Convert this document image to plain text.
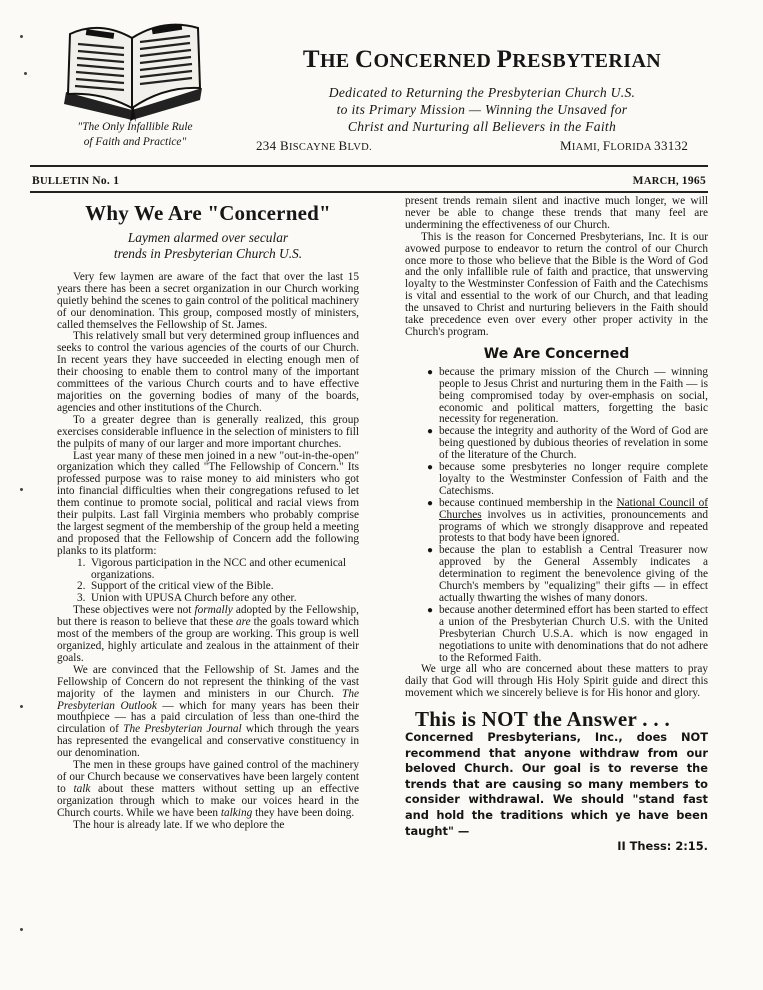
"The Only Infallible Rule
of Faith and Practice"
THE CONCERNED PRESBYTERIAN
Dedicated to Returning the Presbyterian Church U.S.
to its Primary Mission — Winning the Unsaved for
Christ and Nurturing all Believers in the Faith
234 BISCAYNE BLVD.	MIAMI, FLORIDA 33132
BULLETIN No. 1	MARCH, 1965
Why We Are "Concerned"
Laymen alarmed over secular
trends in Presbyterian Church U.S.

Very few laymen are aware of the fact that over the last 15 years there has been a secret organization in our Church working quietly behind the scenes to gain control of the political machinery of our denomination. This group, composed mostly of ministers, called themselves the Fellowship of St. James.

This relatively small but very determined group influences and seeks to control the various agencies of the courts of our Church. In recent years they have succeeded in electing enough men of their choosing to enable them to control many of the important committees of the various Church courts and to have effective majorities on the governing bodies of many of the boards, agencies and other institutions of the Church.

To a greater degree than is generally realized, this group exercises considerable influence in the selection of ministers to fill the pulpits of many of our larger and more important churches.

Last year many of these men joined in a new "out-in-the-open" organization which they called "The Fellowship of Concern." Its professed purpose was to raise money to aid ministers who got into financial difficulties when their congregations refused to let them continue to promote social, political and racial views from their pulpits. Last fall Virginia members who probably comprise the largest segment of the membership of the group held a meeting and proposed that the Fellowship of Concern add the following planks to its platform:

1. Vigorous participation in the NCC and other ecumenical organizations.
2. Support of the critical view of the Bible.
3. Union with UPUSA Church before any other.

These objectives were not formally adopted by the Fellowship, but there is reason to believe that these are the goals toward which most of the members of the group are working. This group is well organized, highly articulate and zealous in the attainment of their goals.

We are convinced that the Fellowship of St. James and the Fellowship of Concern do not represent the thinking of the vast majority of the laymen and ministers in our Church. The Presbyterian Outlook — which for many years has been their mouthpiece — has a paid circulation of less than one-third the circulation of The Presbyterian Journal which through the years has represented the evangelical and conservative constituency in our denomination.

The men in these groups have gained control of the machinery of our Church because we conservatives have been largely content to talk about these matters without setting up an effective organization through which to make our voices heard in the Church courts. While we have been talking they have been doing.

The hour is already late. If we who deplore the

present trends remain silent and inactive much longer, we will never be able to change these trends that many feel are undermining the effectiveness of our Church.

This is the reason for Concerned Presbyterians, Inc. It is our avowed purpose to endeavor to return the control of our Church once more to those who believe that the Bible is the Word of God and the only infallible rule of faith and practice, that unswerving loyalty to the Westminster Confession of Faith and the Catechisms is vital and essential to the work of our Church, and that leading the unsaved to Christ and nurturing believers in the Faith should take precedence even over every other proper activity in the Church's program.

We Are Concerned
● because the primary mission of the Church — winning people to Jesus Christ and nurturing them in the Faith — is being compromised today by over-emphasis on social, economic and political matters, forgetting the basic necessity for regeneration.
● because the integrity and authority of the Word of God are being questioned by dubious theories of revelation in some of the literature of the Church.
● because some presbyteries no longer require complete loyalty to the Westminster Confession of Faith and the Catechisms.
● because continued membership in the National Council of Churches involves us in activities, pronouncements and programs of which we strongly disapprove and repeated protests to that body have been ignored.
● because the plan to establish a Central Treasurer now approved by the General Assembly indicates a determination to regiment the benevolence giving of the Church's members by "equalizing" their gifts — in effect actually thwarting the wishes of many donors.
● because another determined effort has been started to effect a union of the Presbyterian Church U.S. with the United Presbyterian Church U.S.A. which is now engaged in negotiations to unite with denominations that do not adhere to the Reformed Faith.

We urge all who are concerned about these matters to pray daily that God will through His Holy Spirit guide and direct this movement which we sincerely believe is for His honor and glory.

This is NOT the Answer . . .
Concerned Presbyterians, Inc., does NOT recommend that anyone withdraw from our beloved Church. Our goal is to reverse the trends that are causing so many members to consider withdrawal. We should "stand fast and hold the traditions which ye have been taught" —
II Thess: 2:15.
